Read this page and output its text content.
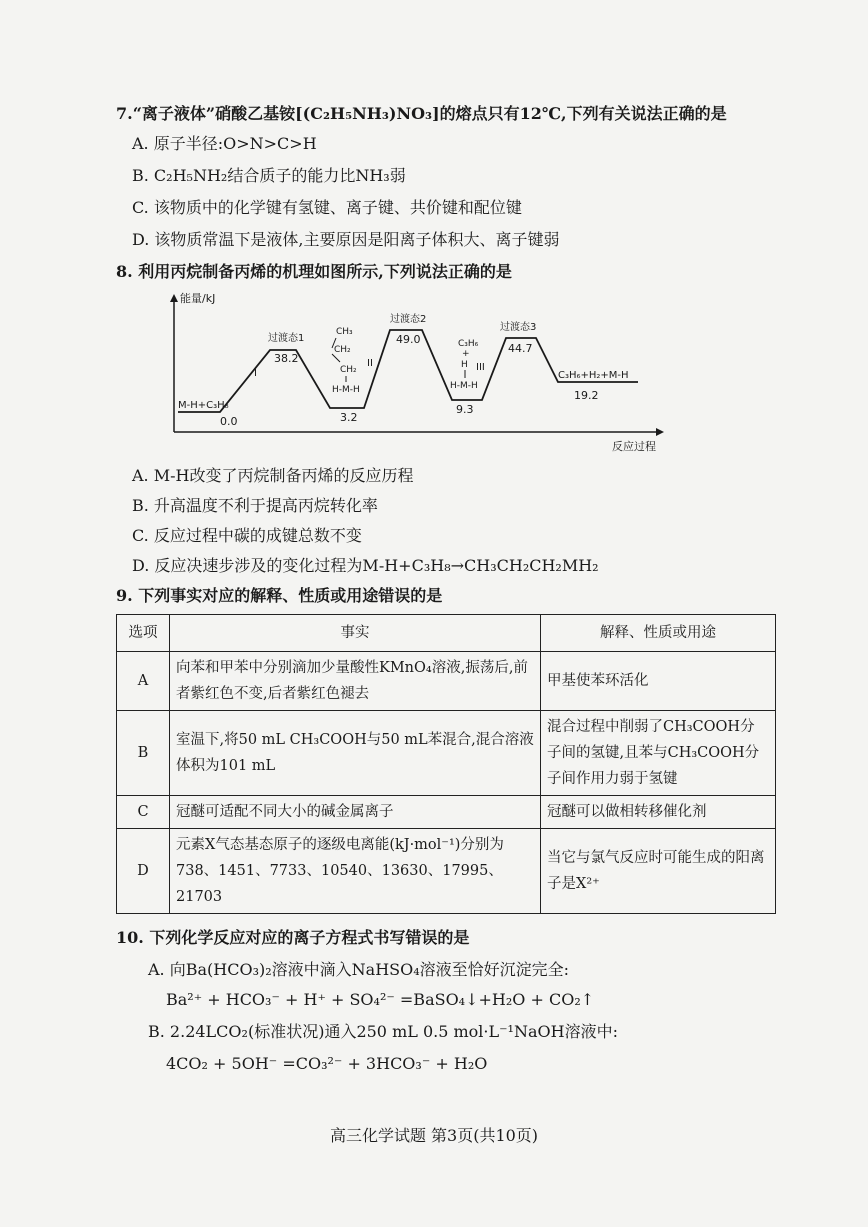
7.“离子液体”硝酸乙基铵[(C₂H₅NH₃)NO₃]的熔点只有12℃,下列有关说法正确的是
A. 原子半径:O>N>C>H
B. C₂H₅NH₂结合质子的能力比NH₃弱
C. 该物质中的化学键有氢键、离子键、共价键和配位键
D. 该物质常温下是液体,主要原因是阳离子体积大、离子键弱
8. 利用丙烷制备丙烯的机理如图所示,下列说法正确的是
能量/kJ
反应过程
0.0
38.2
3.2
49.0
9.3
44.7
19.2
M-H+C₃H₈
过渡态1
过渡态2
过渡态3
C₃H₆+H₂+M-H
I
II	III
CH₃
CH₂
CH₂
H-M-H
C₃H₆
+
H
H-M-H
A. M-H改变了丙烷制备丙烯的反应历程
B. 升高温度不利于提高丙烷转化率
C. 反应过程中碳的成键总数不变
D. 反应决速步涉及的变化过程为M-H+C₃H₈→CH₃CH₂CH₂MH₂
9. 下列事实对应的解释、性质或用途错误的是
选项	事实	解释、性质或用途
A	向苯和甲苯中分别滴加少量酸性KMnO₄溶液,振荡后,前者紫红色不变,后者紫红色褪去	甲基使苯环活化
B	室温下,将50 mL CH₃COOH与50 mL苯混合,混合溶液体积为101 mL	混合过程中削弱了CH₃COOH分子间的氢键,且苯与CH₃COOH分子间作用力弱于氢键
C	冠醚可适配不同大小的碱金属离子	冠醚可以做相转移催化剂
D	元素X气态基态原子的逐级电离能(kJ·mol⁻¹)分别为738、1451、7733、10540、13630、17995、21703	当它与氯气反应时可能生成的阳离子是X²⁺
10. 下列化学反应对应的离子方程式书写错误的是
A. 向Ba(HCO₃)₂溶液中滴入NaHSO₄溶液至恰好沉淀完全:
Ba²⁺ + HCO₃⁻ + H⁺ + SO₄²⁻ =BaSO₄↓+H₂O + CO₂↑
B. 2.24LCO₂(标准状况)通入250 mL 0.5 mol·L⁻¹NaOH溶液中:
4CO₂ + 5OH⁻ =CO₃²⁻ + 3HCO₃⁻ + H₂O
高三化学试题 第3页(共10页)
